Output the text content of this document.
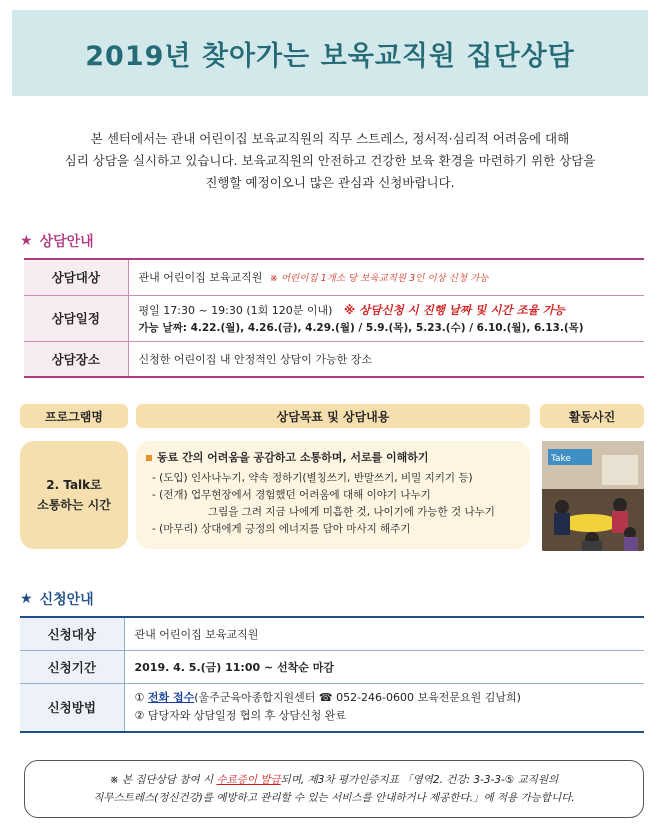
2019년 찾아가는 보육교직원 집단상담
본 센터에서는 관내 어린이집 보육교직원의 직무 스트레스, 정서적·심리적 어려움에 대해
심리 상담을 실시하고 있습니다. 보육교직원의 안전하고 건강한 보육 환경을 마련하기 위한 상담을
진행할 예정이오니 많은 관심과 신청바랍니다.
★ 상담안내
상담대상	관내 어린이집 보육교직원 ※ 어린이집 1개소 당 보육교직원 3인 이상 신청 가능
상담일정	평일 17:30 ~ 19:30 (1회 120분 이내) ※ 상담신청 시 진행 날짜 및 시간 조율 가능
가능 날짜: 4.22.(월), 4.26.(금), 4.29.(월) / 5.9.(목), 5.23.(수) / 6.10.(월), 6.13.(목)

상담장소	신청한 어린이집 내 안정적인 상담이 가능한 장소
프로그램명	상담목표 및 상담내용	활동사진
2. Talk로
소통하는 시간
동료 간의 어려움을 공감하고 소통하며, 서로를 이해하기
- (도입) 인사나누기, 약속 정하기(별칭쓰기, 반말쓰기, 비밀 지키기 등)
- (전개) 업무현장에서 경험했던 어려움에 대해 이야기 나누기
그림을 그려 지금 나에게 미흡한 것, 나이기에 가능한 것 나누기
- (마무리) 상대에게 긍정의 에너지를 담아 마사지 해주기
Take
★ 신청안내
신청대상	관내 어린이집 보육교직원
신청기간	2019. 4. 5.(금) 11:00 ~ 선착순 마감
신청방법	① 전화 접수(울주군육아종합지원센터 ☎ 052-246-0600 보육전문요원 김남희)
② 담당자와 상담일정 협의 후 상담신청 완료
※ 본 집단상담 참여 시 수료증이 발급되며, 제3차 평가인증지표 「영역2. 건강: 3-3-3-⑤ 교직원의
직무스트레스(정신건강)를 예방하고 관리할 수 있는 서비스를 안내하거나 제공한다.」에 적용 가능합니다.
